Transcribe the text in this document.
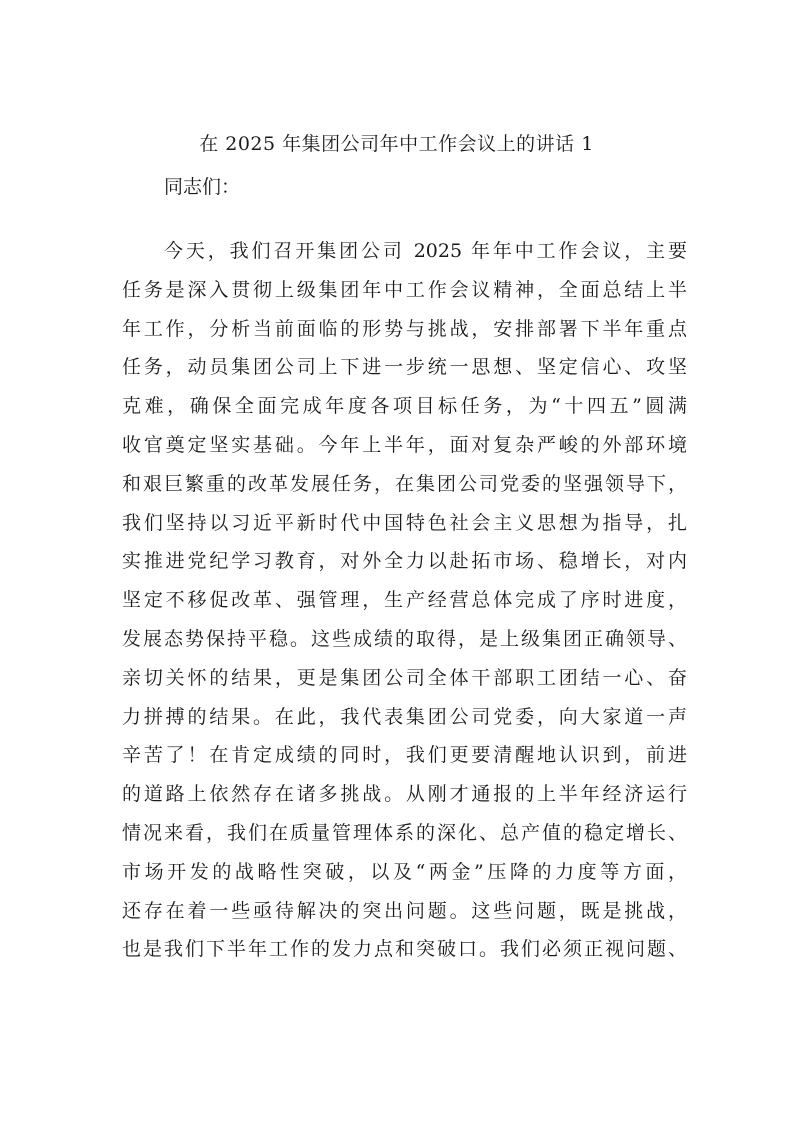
在 2025 年集团公司年中工作会议上的讲话 1
同志们：
今天，我们召开集团公司 2025 年年中工作会议，主要
任务是深入贯彻上级集团年中工作会议精神，全面总结上半
年工作，分析当前面临的形势与挑战，安排部署下半年重点
任务，动员集团公司上下进一步统一思想、坚定信心、攻坚
克难，确保全面完成年度各项目标任务，为“十四五”圆满
收官奠定坚实基础。今年上半年，面对复杂严峻的外部环境
和艰巨繁重的改革发展任务，在集团公司党委的坚强领导下，
我们坚持以习近平新时代中国特色社会主义思想为指导，扎
实推进党纪学习教育，对外全力以赴拓市场、稳增长，对内
坚定不移促改革、强管理，生产经营总体完成了序时进度，
发展态势保持平稳。这些成绩的取得，是上级集团正确领导、
亲切关怀的结果，更是集团公司全体干部职工团结一心、奋
力拼搏的结果。在此，我代表集团公司党委，向大家道一声
辛苦了！在肯定成绩的同时，我们更要清醒地认识到，前进
的道路上依然存在诸多挑战。从刚才通报的上半年经济运行
情况来看，我们在质量管理体系的深化、总产值的稳定增长、
市场开发的战略性突破，以及“两金”压降的力度等方面，
还存在着一些亟待解决的突出问题。这些问题，既是挑战，
也是我们下半年工作的发力点和突破口。我们必须正视问题、
